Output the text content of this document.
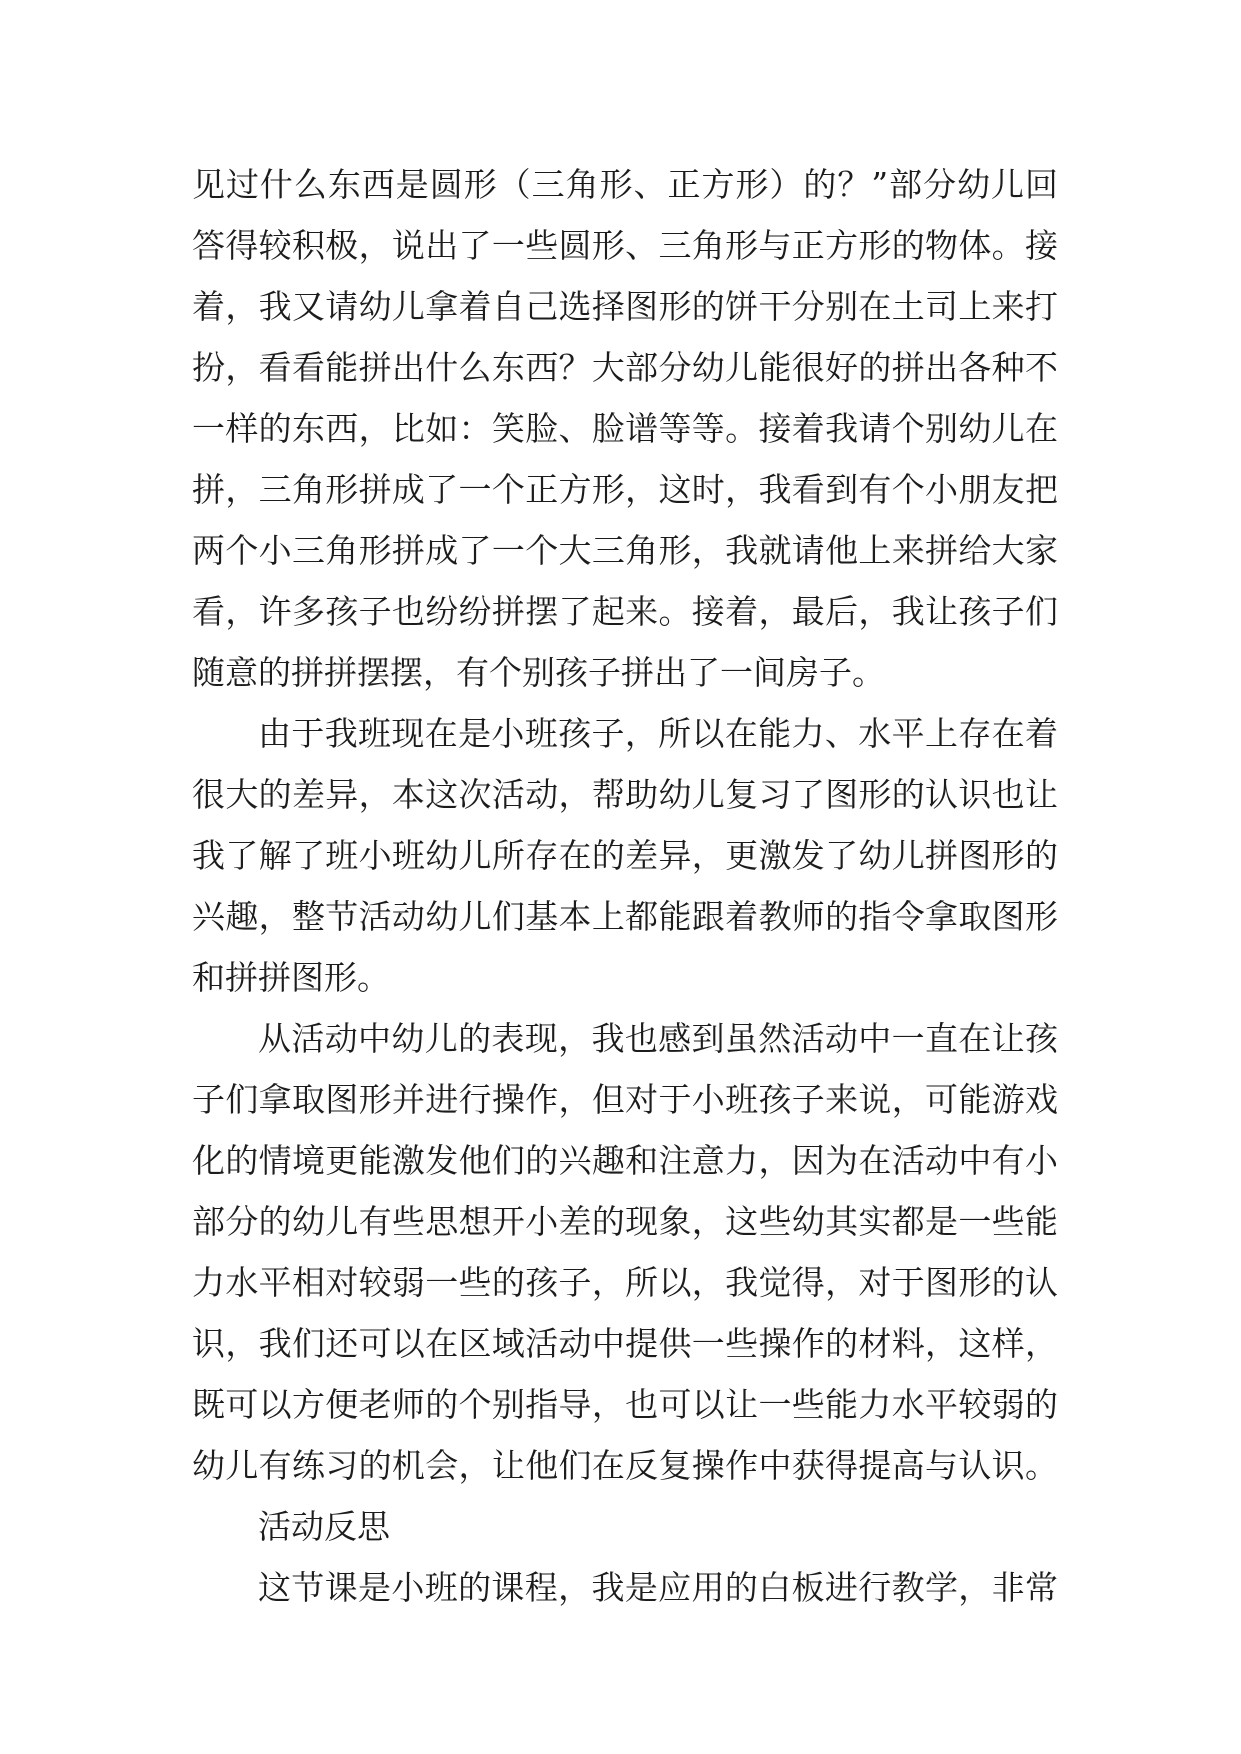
见过什么东西是圆形（三角形、正方形）的？”部分幼儿回
答得较积极，说出了一些圆形、三角形与正方形的物体。接
着，我又请幼儿拿着自己选择图形的饼干分别在土司上来打
扮，看看能拼出什么东西？大部分幼儿能很好的拼出各种不
一样的东西，比如：笑脸、脸谱等等。接着我请个别幼儿在
拼，三角形拼成了一个正方形，这时，我看到有个小朋友把
两个小三角形拼成了一个大三角形，我就请他上来拼给大家
看，许多孩子也纷纷拼摆了起来。接着，最后，我让孩子们
随意的拼拼摆摆，有个别孩子拼出了一间房子。
由于我班现在是小班孩子，所以在能力、水平上存在着
很大的差异，本这次活动，帮助幼儿复习了图形的认识也让
我了解了班小班幼儿所存在的差异，更激发了幼儿拼图形的
兴趣，整节活动幼儿们基本上都能跟着教师的指令拿取图形
和拼拼图形。
从活动中幼儿的表现，我也感到虽然活动中一直在让孩
子们拿取图形并进行操作，但对于小班孩子来说，可能游戏
化的情境更能激发他们的兴趣和注意力，因为在活动中有小
部分的幼儿有些思想开小差的现象，这些幼其实都是一些能
力水平相对较弱一些的孩子，所以，我觉得，对于图形的认
识，我们还可以在区域活动中提供一些操作的材料，这样，
既可以方便老师的个别指导，也可以让一些能力水平较弱的
幼儿有练习的机会，让他们在反复操作中获得提高与认识。
活动反思
这节课是小班的课程，我是应用的白板进行教学，非常
